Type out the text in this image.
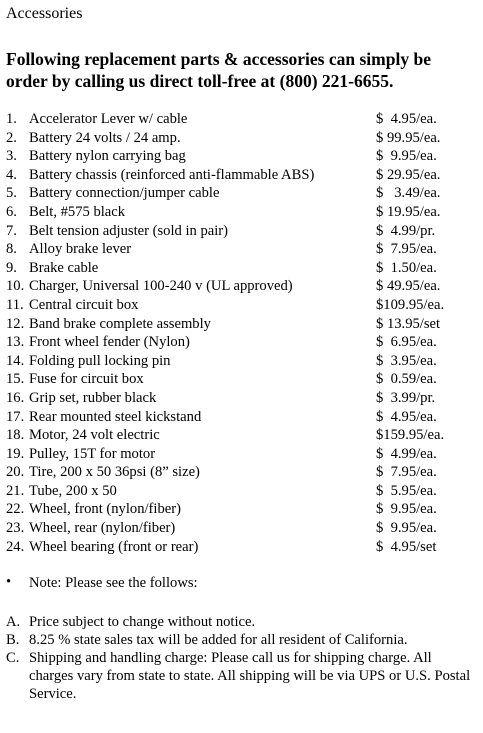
Accessories
Following replacement parts & accessories can simply be order by calling us direct toll-free at (800) 221-6655.
1. Accelerator Lever w/ cable	$  4.95/ea.
2. Battery 24 volts / 24 amp.	$ 99.95/ea.
3. Battery nylon carrying bag	$  9.95/ea.
4. Battery chassis (reinforced anti-flammable ABS)	$ 29.95/ea.
5. Battery connection/jumper cable	$   3.49/ea.
6. Belt, #575 black	$ 19.95/ea.
7. Belt tension adjuster (sold in pair)	$  4.99/pr.
8. Alloy brake lever	$  7.95/ea.
9. Brake cable	$  1.50/ea.
10. Charger, Universal 100-240 v (UL approved)	$ 49.95/ea.
11. Central circuit box	$109.95/ea.
12. Band brake complete assembly	$ 13.95/set
13. Front wheel fender (Nylon)	$  6.95/ea.
14. Folding pull locking pin	$  3.95/ea.
15. Fuse for circuit box	$  0.59/ea.
16. Grip set, rubber black	$  3.99/pr.
17. Rear mounted steel kickstand	$  4.95/ea.
18. Motor, 24 volt electric	$159.95/ea.
19. Pulley, 15T for motor	$  4.99/ea.
20. Tire, 200 x 50 36psi (8” size)	$  7.95/ea.
21. Tube, 200 x 50	$  5.95/ea.
22. Wheel, front (nylon/fiber)	$  9.95/ea.
23. Wheel, rear (nylon/fiber)	$  9.95/ea.
24. Wheel bearing (front or rear)	$  4.95/set
• Note: Please see the follows:
A. Price subject to change without notice.
B. 8.25 % state sales tax will be added for all resident of California.
C. Shipping and handling charge: Please call us for shipping charge. All charges vary from state to state. All shipping will be via UPS or U.S. Postal Service.
